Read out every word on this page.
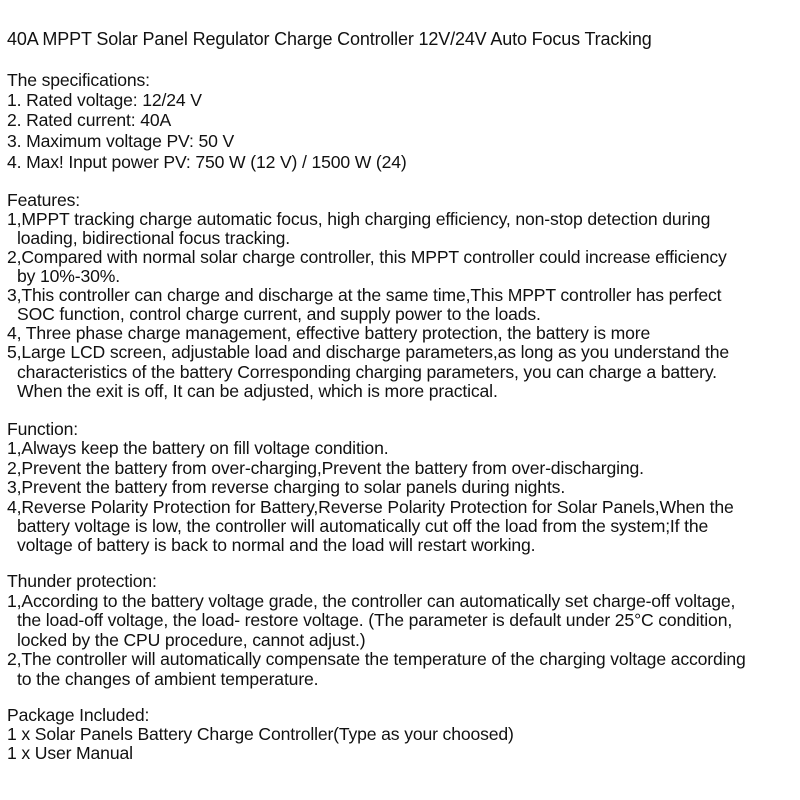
40A MPPT Solar Panel Regulator Charge Controller 12V/24V Auto Focus Tracking
The specifications:
1. Rated voltage: 12/24 V
2. Rated current: 40A
3. Maximum voltage PV: 50 V
4. Max! Input power PV: 750 W (12 V) / 1500 W (24)
Features:
1,MPPT tracking charge automatic focus, high charging efficiency, non-stop detection during
loading, bidirectional focus tracking.
2,Compared with normal solar charge controller, this MPPT controller could increase efficiency
by 10%-30%.
3,This controller can charge and discharge at the same time,This MPPT controller has perfect
SOC function, control charge current, and supply power to the loads.
4, Three phase charge management, effective battery protection, the battery is more
5,Large LCD screen, adjustable load and discharge parameters,as long as you understand the
characteristics of the battery Corresponding charging parameters, you can charge a battery.
When the exit is off, It can be adjusted, which is more practical.
Function:
1,Always keep the battery on fill voltage condition.
2,Prevent the battery from over-charging,Prevent the battery from over-discharging.
3,Prevent the battery from reverse charging to solar panels during nights.
4,Reverse Polarity Protection for Battery,Reverse Polarity Protection for Solar Panels,When the
battery voltage is low, the controller will automatically cut off the load from the system;If the
voltage of battery is back to normal and the load will restart working.
Thunder protection:
1,According to the battery voltage grade, the controller can automatically set charge-off voltage,
the load-off voltage, the load- restore voltage. (The parameter is default under 25°C condition,
locked by the CPU procedure, cannot adjust.)
2,The controller will automatically compensate the temperature of the charging voltage according
to the changes of ambient temperature.
Package Included:
1 x Solar Panels Battery Charge Controller(Type as your choosed)
1 x User Manual
